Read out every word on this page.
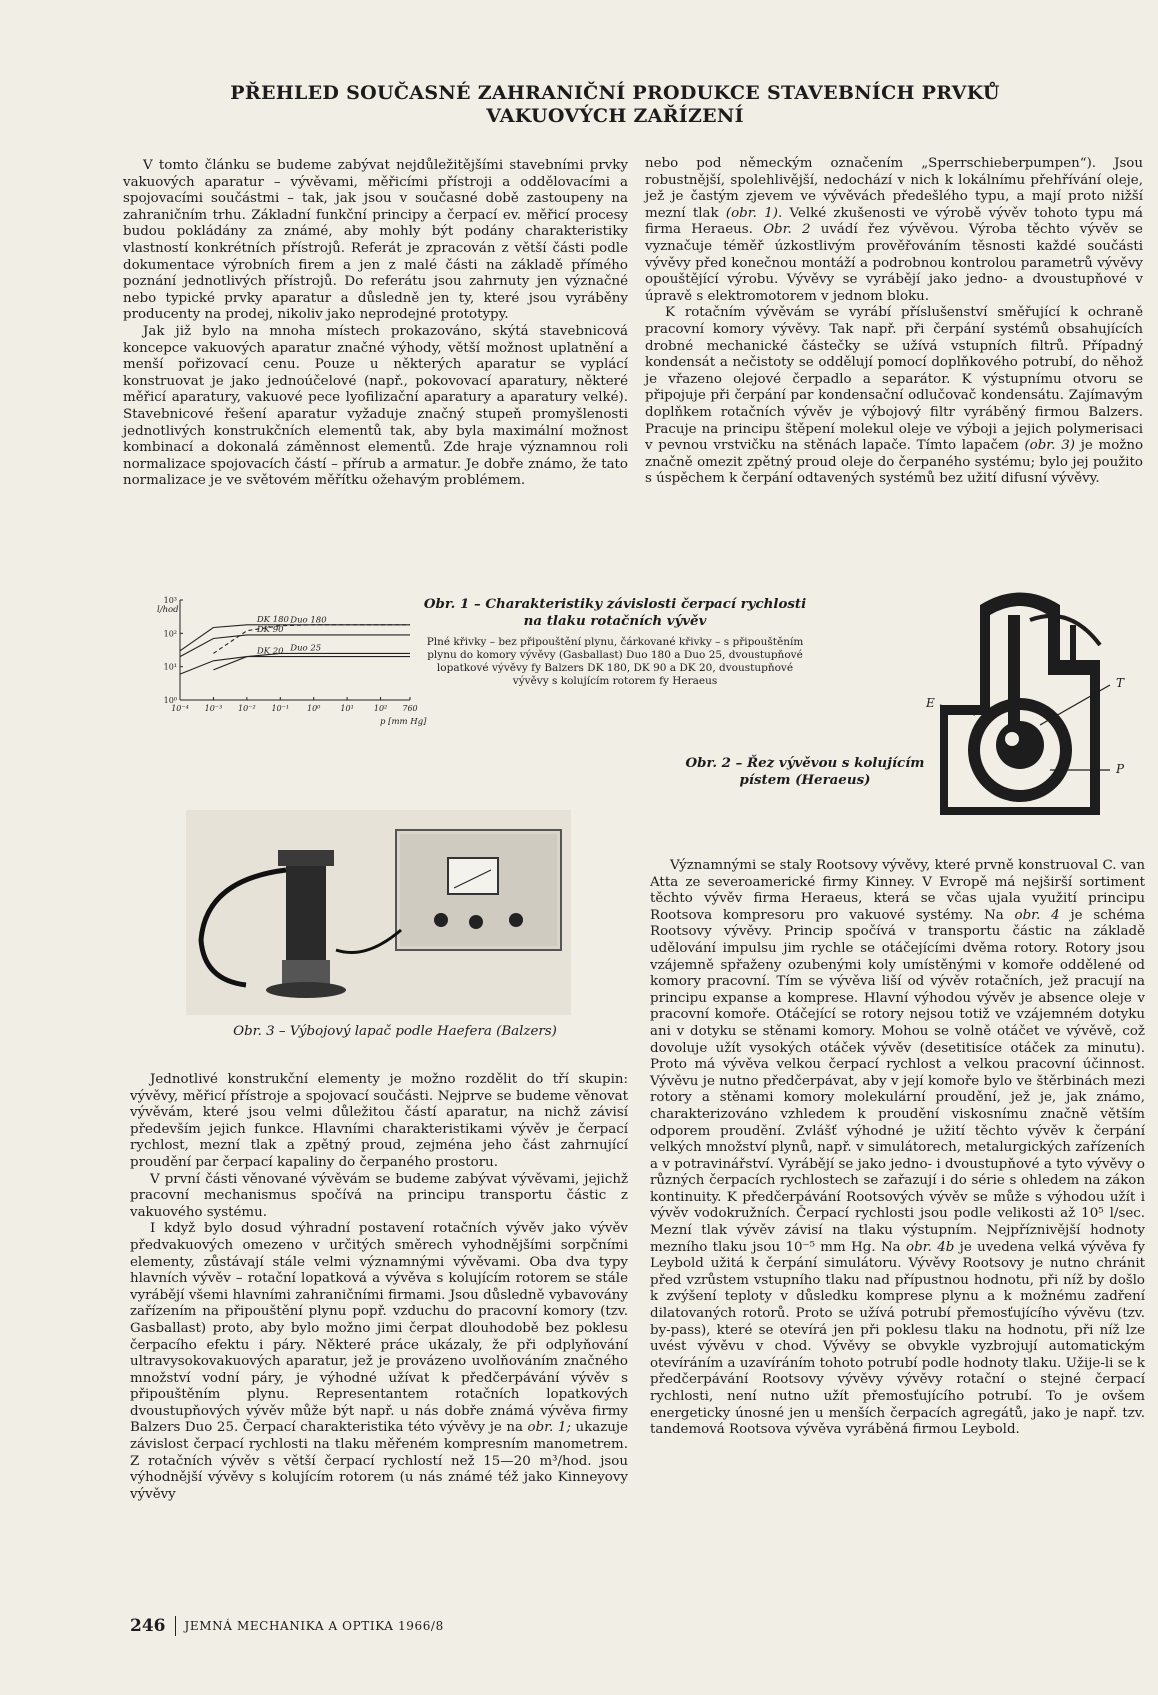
PŘEHLED SOUČASNÉ ZAHRANIČNÍ PRODUKCE STAVEBNÍCH PRVKŮ
VAKUOVÝCH ZAŘÍZENÍ

V tomto článku se budeme zabývat nejdůležitějšími stavebními prvky vakuových aparatur – vývěvami, měřicími přístroji a oddělovacími a spojovacími součástmi – tak, jak jsou v současné době zastoupeny na zahraničním trhu. Základní funkční principy a čerpací ev. měřicí procesy budou pokládány za známé, aby mohly být podány charakteristiky vlastností konkrétních přístrojů. Referát je zpracován z větší části podle dokumentace výrobních firem a jen z malé části na základě přímého poznání jednotlivých přístrojů. Do referátu jsou zahrnuty jen význačné nebo typické prvky aparatur a důsledně jen ty, které jsou vyráběny producenty na prodej, nikoliv jako neprodejné prototypy.

Jak již bylo na mnoha místech prokazováno, skýtá stavebnicová koncepce vakuových aparatur značné výhody, větší možnost uplatnění a menší pořizovací cenu. Pouze u některých aparatur se vyplácí konstruovat je jako jednoúčelové (např., pokovovací aparatury, některé měřicí aparatury, vakuové pece lyofilizační aparatury a aparatury velké). Stavebnicové řešení aparatur vyžaduje značný stupeň promyšlenosti jednotlivých konstrukčních elementů tak, aby byla maximální možnost kombinací a dokonalá záměnnost elementů. Zde hraje významnou roli normalizace spojovacích částí – přírub a armatur. Je dobře známo, že tato normalizace je ve světovém měřítku ožehavým problémem.

nebo pod německým označením „Sperrschieberpumpen“). Jsou robustnější, spolehlivější, nedochází v nich k lokálnímu přehřívání oleje, jež je častým zjevem ve vývěvách předešlého typu, a mají proto nižší mezní tlak (obr. 1). Velké zkušenosti ve výrobě vývěv tohoto typu má firma Heraeus. Obr. 2 uvádí řez vývěvou. Výroba těchto vývěv se vyznačuje téměř úzkostlivým prověřováním těsnosti každé součásti vývěvy před konečnou montáží a podrobnou kontrolou parametrů vývěvy opouštějící výrobu. Vývěvy se vyrábějí jako jedno- a dvoustupňové v úpravě s elektromotorem v jednom bloku.

K rotačním vývěvám se vyrábí příslušenství směřující k ochraně pracovní komory vývěvy. Tak např. při čerpání systémů obsahujících drobné mechanické částečky se užívá vstupních filtrů. Případný kondensát a nečistoty se oddělují pomocí doplňkového potrubí, do něhož je vřazeno olejové čerpadlo a separátor. K výstupnímu otvoru se připojuje při čerpání par kondensační odlučovač kondensátu. Zajímavým doplňkem rotačních vývěv je výbojový filtr vyráběný firmou Balzers. Pracuje na principu štěpení molekul oleje ve výboji a jejich polymerisaci v pevnou vrstvičku na stěnách lapače. Tímto lapačem (obr. 3) je možno značně omezit zpětný proud oleje do čerpaného systému; bylo jej použito s úspěchem k čerpání odtavených systémů bez užití difusní vývěvy.

10⁻⁴ 10⁻³ 10⁻² 10⁻¹ 10⁰	10¹	10² 760
10⁰
10¹
10²
10³
DK 180 Duo 180
DK 90
Duo 25
DK 20
l/hod
p [mm Hg]
Obr. 1 – Charakteristiky závislosti čerpací rychlosti na tlaku rotačních vývěv
Plné křivky – bez připouštění plynu, čárkované křivky – s připouštěním plynu do komory vývěvy (Gasballast) Duo 180 a Duo 25, dvoustupňové lopatkové vývěvy fy Balzers DK 180, DK 90 a DK 20, dvoustupňové vývěvy s kolujícím rotorem fy Heraeus	T
E
P
Obr. 2 – Řez vývěvou s kolujícím pístem (Heraeus)
Obr. 3 – Výbojový lapač podle Haefera (Balzers)

Jednotlivé konstrukční elementy je možno rozdělit do tří skupin: vývěvy, měřicí přístroje a spojovací součásti. Nejprve se budeme věnovat vývěvám, které jsou velmi důležitou částí aparatur, na nichž závisí především jejich funkce. Hlavními charakteristikami vývěv je čerpací rychlost, mezní tlak a zpětný proud, zejména jeho část zahrnující proudění par čerpací kapaliny do čerpaného prostoru.

V první části věnované vývěvám se budeme zabývat vývěvami, jejichž pracovní mechanismus spočívá na principu transportu částic z vakuového systému.

I když bylo dosud výhradní postavení rotačních vývěv jako vývěv předvakuových omezeno v určitých směrech vyhodnějšími sorpčními elementy, zůstávají stále velmi významnými vývěvami. Oba dva typy hlavních vývěv – rotační lopatková a vývěva s kolujícím rotorem se stále vyrábějí všemi hlavními zahraničními firmami. Jsou důsledně vybavovány zařízením na připouštění plynu popř. vzduchu do pracovní komory (tzv. Gasballast) proto, aby bylo možno jimi čerpat dlouhodobě bez poklesu čerpacího efektu i páry. Některé práce ukázaly, že při odplyňování ultravysokovakuových aparatur, jež je provázeno uvolňováním značného množství vodní páry, je výhodné užívat k předčerpávání vývěv s připouštěním plynu. Representantem rotačních lopatkových dvoustupňových vývěv může být např. u nás dobře známá vývěva firmy Balzers Duo 25. Čerpací charakteristika této vývěvy je na obr. 1; ukazuje závislost čerpací rychlosti na tlaku měřeném kompresním manometrem. Z rotačních vývěv s větší čerpací rychlostí než 15—20 m³/hod. jsou výhodnější vývěvy s kolujícím rotorem (u nás známé též jako Kinneyovy vývěvy

Významnými se staly Rootsovy vývěvy, které prvně konstruoval C. van Atta ze severoamerické firmy Kinney. V Evropě má nejširší sortiment těchto vývěv firma Heraeus, která se včas ujala využití principu Rootsova kompresoru pro vakuové systémy. Na obr. 4 je schéma Rootsovy vývěvy. Princip spočívá v transportu částic na základě udělování impulsu jim rychle se otáčejícími dvěma rotory. Rotory jsou vzájemně spřaženy ozubenými koly umístěnými v komoře oddělené od komory pracovní. Tím se vývěva liší od vývěv rotačních, jež pracují na principu expanse a komprese. Hlavní výhodou vývěv je absence oleje v pracovní komoře. Otáčející se rotory nejsou totiž ve vzájemném dotyku ani v dotyku se stěnami komory. Mohou se volně otáčet ve vývěvě, což dovoluje užít vysokých otáček vývěv (desetitisíce otáček za minutu). Proto má vývěva velkou čerpací rychlost a velkou pracovní účinnost. Vývěvu je nutno předčerpávat, aby v její komoře bylo ve štěrbinách mezi rotory a stěnami komory molekulární proudění, jež je, jak známo, charakterizováno vzhledem k proudění viskosnímu značně větším odporem proudění. Zvlášť výhodné je užití těchto vývěv k čerpání velkých množství plynů, např. v simulátorech, metalurgických zařízeních a v potravinářství. Vyrábějí se jako jedno- i dvoustupňové a tyto vývěvy o různých čerpacích rychlostech se zařazují i do série s ohledem na zákon kontinuity. K předčerpávání Rootsových vývěv se může s výhodou užít i vývěv vodokružních. Čerpací rychlosti jsou podle velikosti až 10⁵ l/sec. Mezní tlak vývěv závisí na tlaku výstupním. Nejpříznivější hodnoty mezního tlaku jsou 10⁻⁵ mm Hg. Na obr. 4b je uvedena velká vývěva fy Leybold užitá k čerpání simulátoru. Vývěvy Rootsovy je nutno chránit před vzrůstem vstupního tlaku nad přípustnou hodnotu, při níž by došlo k zvýšení teploty v důsledku komprese plynu a k možnému zadření dilatovaných rotorů. Proto se užívá potrubí přemosťujícího vývěvu (tzv. by-pass), které se otevírá jen při poklesu tlaku na hodnotu, při níž lze uvést vývěvu v chod. Vývěvy se obvykle vyzbrojují automatickým otevíráním a uzavíráním tohoto potrubí podle hodnoty tlaku. Užije-li se k předčerpávání Rootsovy vývěvy vývěvy rotační o stejné čerpací rychlosti, není nutno užít přemosťujícího potrubí. To je ovšem energeticky únosné jen u menších čerpacích agregátů, jako je např. tzv. tandemová Rootsova vývěva vyráběná firmou Leybold.

246 JEMNÁ MECHANIKA A OPTIKA 1966/8
